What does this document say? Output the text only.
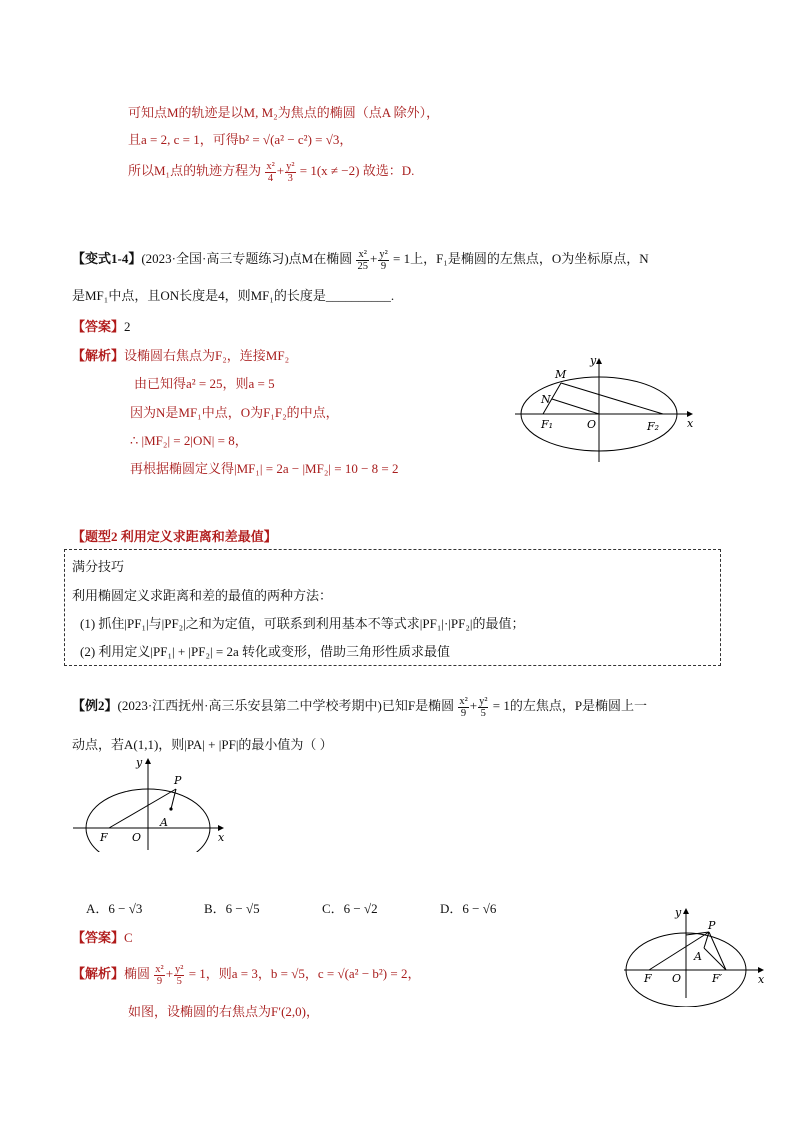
可知点M的轨迹是以M, M₂为焦点的椭圆（点A 除外），
且a = 2, c = 1，可得b² = √(a² − c²) = √3，
所以M₁点的轨迹方程为 $\frac{\text{x²}}{4} + \frac{\text{y²}}{3} = 1(x \ne -2)$ 故选：D.
【变式1-4】(2023·全国·高三专题练习)点M在椭圆 $\frac{\text{x²}}{25} + \frac{\text{y²}}{9} = 1$上，F₁是椭圆的左焦点，O为坐标原点，N
是MF₁中点，且ON长度是4，则MF₁的长度是__________.
【答案】2
【解析】设椭圆右焦点为F₂，连接MF₂
由已知得a² = 25，则a = 5
因为N是MF₁中点，O为F₁F₂的中点，
∴ |MF₂| = 2|ON| = 8，
再根据椭圆定义得|MF₁| = 2a − |MF₂| = 10 − 8 = 2
y
M
N
F₁	O	F₂	x
【题型2 利用定义求距离和差最值】
满分技巧
利用椭圆定义求距离和差的最值的两种方法：
(1) 抓住|PF₁|与|PF₂|之和为定值，可联系到利用基本不等式求|PF₁|·|PF₂|的最值；
(2) 利用定义|PF₁| + |PF₂| = 2a 转化或变形，借助三角形性质求最值
【例2】(2023·江西抚州·高三乐安县第二中学校考期中)已知F是椭圆 $\frac{\text{x²}}{9} + \frac{\text{y²}}{5} = 1$的左焦点，P是椭圆上一
动点，若A(1,1)，则|PA| + |PF|的最小值为（ ）
y
P
A
F O	x
A．6 − √3	B．6 − √5	C．6 − √2	D．6 − √6
【答案】C
【解析】椭圆 $\frac{\text{x²}}{9} + \frac{\text{y²}}{5} = 1$，则a = 3，b = √5，c = √(a² − b²) = 2，
如图，设椭圆的右焦点为F′(2,0)，
y
P
A
F O	F′	x
